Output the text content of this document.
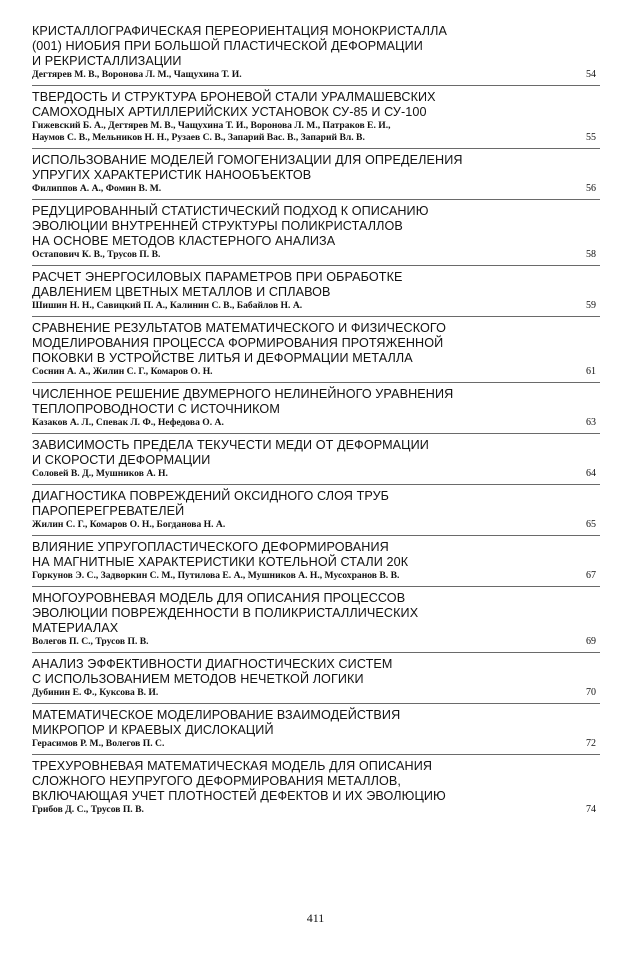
КРИСТАЛЛОГРАФИЧЕСКАЯ ПЕРЕОРИЕНТАЦИЯ МОНОКРИСТАЛЛА
(001) НИОБИЯ ПРИ БОЛЬШОЙ ПЛАСТИЧЕСКОЙ ДЕФОРМАЦИИ
И РЕКРИСТАЛЛИЗАЦИИ
Дегтярев М. В., Воронова Л. М., Чащухина Т. И.	54
ТВЕРДОСТЬ И СТРУКТУРА БРОНЕВОЙ СТАЛИ УРАЛМАШЕВСКИХ
САМОХОДНЫХ АРТИЛЛЕРИЙСКИХ УСТАНОВОК СУ-85 И СУ-100
Гижевский Б. А., Дегтярев М. В., Чащухина Т. И., Воронова Л. М., Патраков Е. И.,
Наумов С. В., Мельников Н. Н., Рузаев С. В., Запарий Вас. В., Запарий Вл. В.	55
ИСПОЛЬЗОВАНИЕ МОДЕЛЕЙ ГОМОГЕНИЗАЦИИ ДЛЯ ОПРЕДЕЛЕНИЯ
УПРУГИХ ХАРАКТЕРИСТИК НАНООБЪЕКТОВ
Филиппов А. А., Фомин В. М.	56
РЕДУЦИРОВАННЫЙ СТАТИСТИЧЕСКИЙ ПОДХОД К ОПИСАНИЮ
ЭВОЛЮЦИИ ВНУТРЕННЕЙ СТРУКТУРЫ ПОЛИКРИСТАЛЛОВ
НА ОСНОВЕ МЕТОДОВ КЛАСТЕРНОГО АНАЛИЗА
Остапович К. В., Трусов П. В.	58
РАСЧЕТ ЭНЕРГОСИЛОВЫХ ПАРАМЕТРОВ ПРИ ОБРАБОТКЕ
ДАВЛЕНИЕМ ЦВЕТНЫХ МЕТАЛЛОВ И СПЛАВОВ
Шишин Н. Н., Савицкий П. А., Калинин С. В., Бабайлов Н. А.	59
СРАВНЕНИЕ РЕЗУЛЬТАТОВ МАТЕМАТИЧЕСКОГО И ФИЗИЧЕСКОГО
МОДЕЛИРОВАНИЯ ПРОЦЕССА ФОРМИРОВАНИЯ ПРОТЯЖЕННОЙ
ПОКОВКИ В УСТРОЙСТВЕ ЛИТЬЯ И ДЕФОРМАЦИИ МЕТАЛЛА
Соснин А. А., Жилин С. Г., Комаров О. Н.	61
ЧИСЛЕННОЕ РЕШЕНИЕ ДВУМЕРНОГО НЕЛИНЕЙНОГО УРАВНЕНИЯ
ТЕПЛОПРОВОДНОСТИ С ИСТОЧНИКОМ
Казаков А. Л., Спевак Л. Ф., Нефедова О. А.	63
ЗАВИСИМОСТЬ ПРЕДЕЛА ТЕКУЧЕСТИ МЕДИ ОТ ДЕФОРМАЦИИ
И СКОРОСТИ ДЕФОРМАЦИИ
Соловей В. Д., Мушников А. Н.	64
ДИАГНОСТИКА ПОВРЕЖДЕНИЙ ОКСИДНОГО СЛОЯ ТРУБ
ПАРОПЕРЕГРЕВАТЕЛЕЙ
Жилин С. Г., Комаров О. Н., Богданова Н. А.	65
ВЛИЯНИЕ УПРУГОПЛАСТИЧЕСКОГО ДЕФОРМИРОВАНИЯ
НА МАГНИТНЫЕ ХАРАКТЕРИСТИКИ КОТЕЛЬНОЙ СТАЛИ 20К
Горкунов Э. С., Задворкин С. М., Путилова Е. А., Мушников А. Н., Мусохранов В. В.	67
МНОГОУРОВНЕВАЯ МОДЕЛЬ ДЛЯ ОПИСАНИЯ ПРОЦЕССОВ
ЭВОЛЮЦИИ ПОВРЕЖДЕННОСТИ В ПОЛИКРИСТАЛЛИЧЕСКИХ
МАТЕРИАЛАХ
Волегов П. С., Трусов П. В.	69
АНАЛИЗ ЭФФЕКТИВНОСТИ ДИАГНОСТИЧЕСКИХ СИСТЕМ
С ИСПОЛЬЗОВАНИЕМ МЕТОДОВ НЕЧЕТКОЙ ЛОГИКИ
Дубинин Е. Ф., Куксова В. И.	70
МАТЕМАТИЧЕСКОЕ МОДЕЛИРОВАНИЕ ВЗАИМОДЕЙСТВИЯ
МИКРОПОР И КРАЕВЫХ ДИСЛОКАЦИЙ
Герасимов Р. М., Волегов П. С.	72
ТРЕХУРОВНЕВАЯ МАТЕМАТИЧЕСКАЯ МОДЕЛЬ ДЛЯ ОПИСАНИЯ
СЛОЖНОГО НЕУПРУГОГО ДЕФОРМИРОВАНИЯ МЕТАЛЛОВ,
ВКЛЮЧАЮЩАЯ УЧЕТ ПЛОТНОСТЕЙ ДЕФЕКТОВ И ИХ ЭВОЛЮЦИЮ
Грибов Д. С., Трусов П. В.	74
411
